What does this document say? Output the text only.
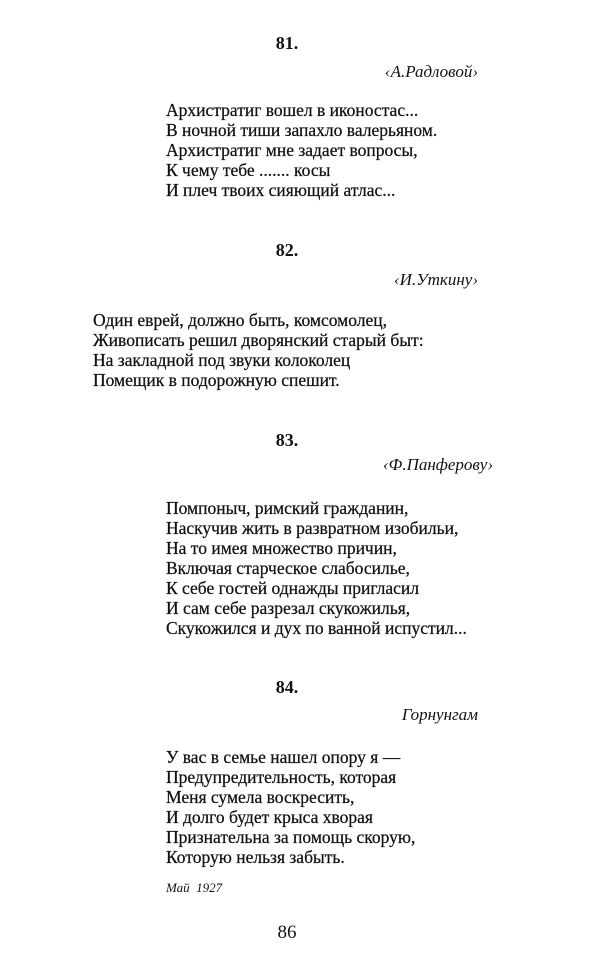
81.
‹А.Радловой›
Архистратиг вошел в иконостас...
В ночной тиши запахло валерьяном.
Архистратиг мне задает вопросы,
К чему тебе ....... косы
И плеч твоих сияющий атлас...
82.
‹И.Уткину›
Один еврей, должно быть, комсомолец,
Живописать решил дворянский старый быт:
На закладной под звуки колоколец
Помещик в подорожную спешит.
83.
‹Ф.Панферову›
Помпоныч, римский гражданин,
Наскучив жить в развратном изобильи,
На то имея множество причин,
Включая старческое слабосилье,
К себе гостей однажды пригласил
И сам себе разрезал скукожилья,
Скукожился и дух по ванной испустил...
84.
Горнунгам
У вас в семье нашел опору я —
Предупредительность, которая
Меня сумела воскресить,
И долго будет крыса хворая
Признательна за помощь скорую,
Которую нельзя забыть.
Май  1927
86
